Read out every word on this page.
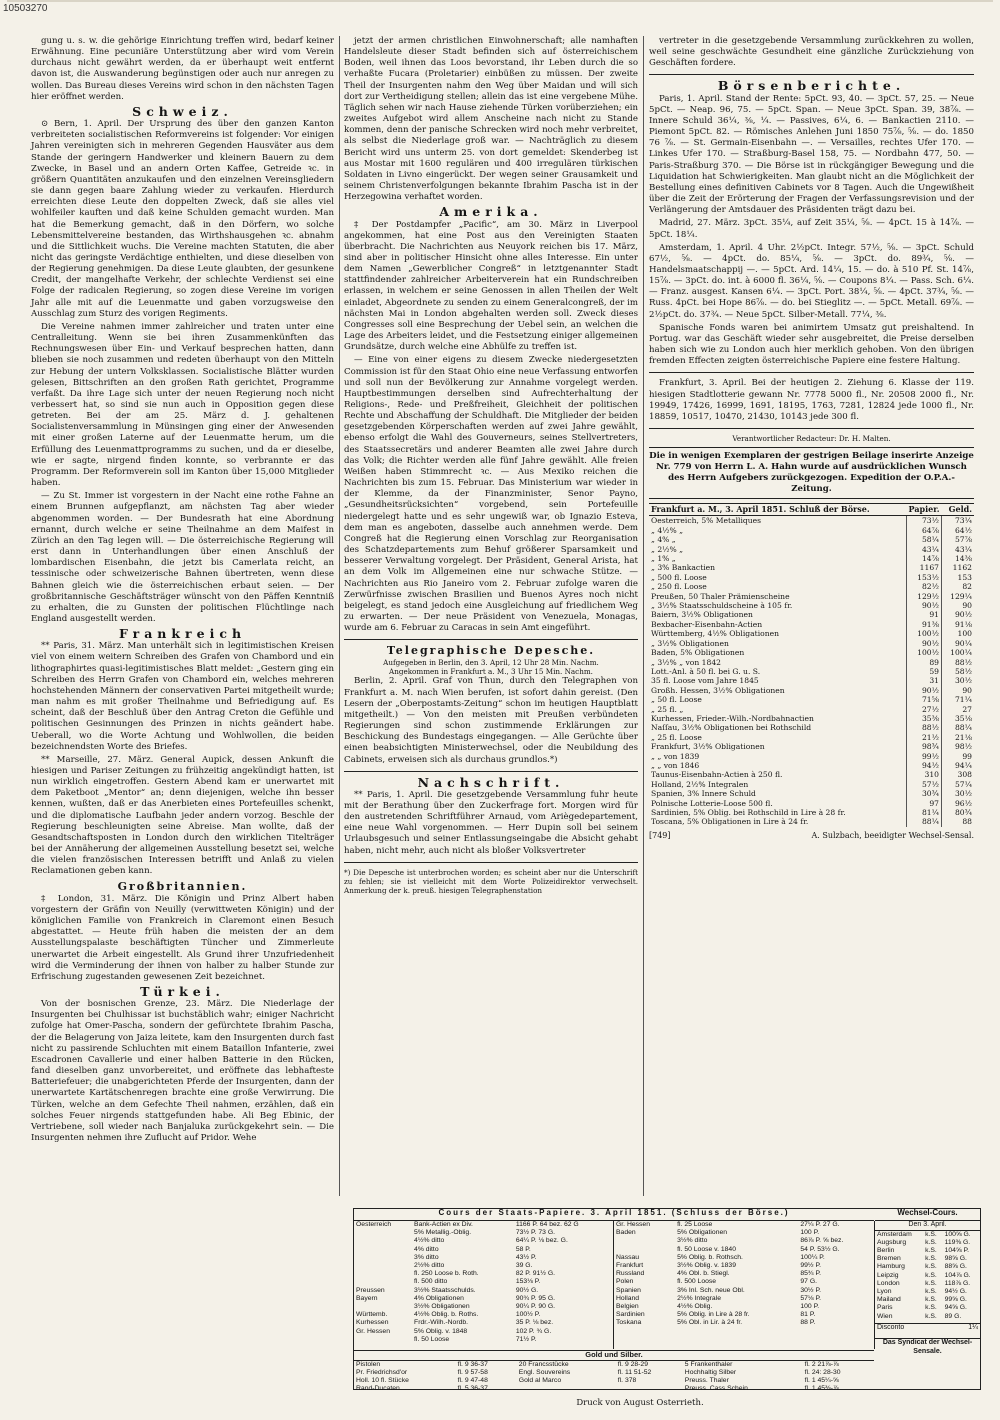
10503270

gung u. s. w. die gehörige Einrichtung treffen wird, bedarf keiner Erwähnung. Eine pecuniäre Unterstützung aber wird vom Verein durchaus nicht gewährt werden, da er überhaupt weit entfernt davon ist, die Auswanderung begünstigen oder auch nur anregen zu wollen. Das Bureau dieses Vereins wird schon in den nächsten Tagen hier eröffnet werden.

Schweiz.

⊙ Bern, 1. April. Der Ursprung des über den ganzen Kanton verbreiteten socialistischen Reformvereins ist folgender: Vor einigen Jahren vereinigten sich in mehreren Gegenden Hausväter aus dem Stande der geringern Handwerker und kleinern Bauern zu dem Zwecke, in Basel und an andern Orten Kaffee, Getreide ꝛc. in größern Quantitäten anzukaufen und den einzelnen Vereinsgliedern sie dann gegen baare Zahlung wieder zu verkaufen. Hierdurch erreichten diese Leute den doppelten Zweck, daß sie alles viel wohlfeiler kauften und daß keine Schulden gemacht wurden. Man hat die Bemerkung gemacht, daß in den Dörfern, wo solche Lebensmittelvereine bestanden, das Wirthshausgehen ꝛc. abnahm und die Sittlichkeit wuchs. Die Vereine machten Statuten, die aber nicht das geringste Verdächtige enthielten, und diese dieselben von der Regierung genehmigen. Da diese Leute glaubten, der gesunkene Credit, der mangelhafte Verkehr, der schlechte Verdienst sei eine Folge der radicalen Regierung, so zogen diese Vereine im vorigen Jahr alle mit auf die Leuenmatte und gaben vorzugsweise den Ausschlag zum Sturz des vorigen Regiments.

Die Vereine nahmen immer zahlreicher und traten unter eine Centralleitung. Wenn sie bei ihren Zusammenkünften das Rechnungswesen über Ein- und Verkauf besprechen hatten, dann blieben sie noch zusammen und redeten überhaupt von den Mitteln zur Hebung der untern Volksklassen. Socialistische Blätter wurden gelesen, Bittschriften an den großen Rath gerichtet, Programme verfaßt. Da ihre Lage sich unter der neuen Regierung noch nicht verbessert hat, so sind sie nun auch in Opposition gegen diese getreten. Bei der am 25. März d. J. gehaltenen Socialistenversammlung in Münsingen ging einer der Anwesenden mit einer großen Laterne auf der Leuenmatte herum, um die Erfüllung des Leuenmattprogramms zu suchen, und da er dieselbe, wie er sagte, nirgend finden konnte, so verbrannte er das Programm. Der Reformverein soll im Kanton über 15,000 Mitglieder haben.

— Zu St. Immer ist vorgestern in der Nacht eine rothe Fahne an einem Brunnen aufgepflanzt, am nächsten Tag aber wieder abgenommen worden. — Der Bundesrath hat eine Abordnung ernannt, durch welche er seine Theilnahme an dem Maifest in Zürich an den Tag legen will. — Die österreichische Regierung will erst dann in Unterhandlungen über einen Anschluß der lombardischen Eisenbahn, die jetzt bis Camerlata reicht, an tessinische oder schweizerische Bahnen übertreten, wenn diese Bahnen gleich wie die österreichischen erbaut seien. — Der großbritannische Geschäftsträger wünscht von den Päffen Kenntniß zu erhalten, die zu Gunsten der politischen Flüchtlinge nach England ausgestellt werden.

Frankreich

** Paris, 31. März. Man unterhält sich in legitimistischen Kreisen viel von einem weitern Schreiben des Grafen von Chambord und ein lithographirtes quasi-legitimistisches Blatt meldet: „Gestern ging ein Schreiben des Herrn Grafen von Chambord ein, welches mehreren hochstehenden Männern der conservativen Partei mitgetheilt wurde; man nahm es mit großer Theilnahme und Befriedigung auf. Es scheint, daß der Beschluß über den Antrag Creton die Gefühle und politischen Gesinnungen des Prinzen in nichts geändert habe. Ueberall, wo die Worte Achtung und Wohlwollen, die beiden bezeichnendsten Worte des Briefes.

** Marseille, 27. März. General Aupick, dessen Ankunft die hiesigen und Pariser Zeitungen zu frühzeitig angekündigt hatten, ist nun wirklich eingetroffen. Gestern Abend kam er unerwartet mit dem Paketboot „Mentor“ an; denn diejenigen, welche ihn besser kennen, wußten, daß er das Anerbieten eines Portefeuilles schenkt, und die diplomatische Laufbahn jeder andern vorzog. Beschle der Regierung beschleunigten seine Abreise. Man wollte, daß der Gesandtschaftsposten in London durch den wirklichen Titelträger bei der Annäherung der allgemeinen Ausstellung besetzt sei, welche die vielen französischen Interessen betrifft und Anlaß zu vielen Reclamationen geben kann.

Großbritannien.

‡ London, 31. März. Die Königin und Prinz Albert haben vorgestern der Gräfin von Neuilly (verwittweten Königin) und der königlichen Familie von Frankreich in Claremont einen Besuch abgestattet. — Heute früh haben die meisten der an dem Ausstellungspalaste beschäftigten Tüncher und Zimmerleute unerwartet die Arbeit eingestellt. Als Grund ihrer Unzufriedenheit wird die Verminderung der ihnen von halber zu halber Stunde zur Erfrischung zugestanden gewesenen Zeit bezeichnet.

Türkei.

Von der bosnischen Grenze, 23. März. Die Niederlage der Insurgenten bei Chulhissar ist buchstäblich wahr; einiger Nachricht zufolge hat Omer-Pascha, sondern der gefürchtete Ibrahim Pascha, der die Belagerung von Jaiza leitete, kam den Insurgenten durch fast nicht zu passirende Schluchten mit einem Bataillon Infanterie, zwei Escadronen Cavallerie und einer halben Batterie in den Rücken, fand dieselben ganz unvorbereitet, und eröffnete das lebhafteste Batteriefeuer; die unabgerichteten Pferde der Insurgenten, dann der unerwartete Kartätschenregen brachte eine große Verwirrung. Die Türken, welche an dem Gefechte Theil nahmen, erzählen, daß ein solches Feuer nirgends stattgefunden habe. Ali Beg Ebinic, der Vertriebene, soll wieder nach Banjaluka zurückgekehrt sein. — Die Insurgenten nehmen ihre Zuflucht auf Pridor. Wehe

jetzt der armen christlichen Einwohnerschaft; alle namhaften Handelsleute dieser Stadt befinden sich auf österreichischem Boden, weil ihnen das Loos bevorstand, ihr Leben durch die so verhaßte Fucara (Proletarier) einbüßen zu müssen. Der zweite Theil der Insurgenten nahm den Weg über Maidan und will sich dort zur Vertheidigung stellen; allein das ist eine vergebene Mühe. Täglich sehen wir nach Hause ziehende Türken vorüberziehen; ein zweites Aufgebot wird allem Anscheine nach nicht zu Stande kommen, denn der panische Schrecken wird noch mehr verbreitet, als selbst die Niederlage groß war. — Nachträglich zu diesem Bericht wird uns unterm 25. von dort gemeldet: Skenderbeg ist aus Mostar mit 1600 regulären und 400 irregulären türkischen Soldaten in Livno eingerückt. Der wegen seiner Grausamkeit und seinem Christenverfolgungen bekannte Ibrahim Pascha ist in der Herzegowina verhaftet worden.

Amerika.

‡ Der Postdampfer „Pacific“, am 30. März in Liverpool angekommen, hat eine Post aus den Vereinigten Staaten überbracht. Die Nachrichten aus Neuyork reichen bis 17. März, sind aber in politischer Hinsicht ohne alles Interesse. Ein unter dem Namen „Gewerblicher Congreß“ in letztgenannter Stadt stattfindender zahlreicher Arbeiterverein hat ein Rundschreiben erlassen, in welchem er seine Genossen in allen Theilen der Welt einladet, Abgeordnete zu senden zu einem Generalcongreß, der im nächsten Mai in London abgehalten werden soll. Zweck dieses Congresses soll eine Besprechung der Uebel sein, an welchen die Lage des Arbeiters leidet, und die Festsetzung einiger allgemeinen Grundsätze, durch welche eine Abhülfe zu treffen ist.

— Eine von einer eigens zu diesem Zwecke niedergesetzten Commission ist für den Staat Ohio eine neue Verfassung entworfen und soll nun der Bevölkerung zur Annahme vorgelegt werden. Hauptbestimmungen derselben sind Aufrechterhaltung der Religions-, Rede- und Preßfreiheit, Gleichheit der politischen Rechte und Abschaffung der Schuldhaft. Die Mitglieder der beiden gesetzgebenden Körperschaften werden auf zwei Jahre gewählt, ebenso erfolgt die Wahl des Gouverneurs, seines Stellvertreters, des Staatssecretärs und anderer Beamten alle zwei Jahre durch das Volk; die Richter werden alle fünf Jahre gewählt. Alle freien Weißen haben Stimmrecht ꝛc. — Aus Mexiko reichen die Nachrichten bis zum 15. Februar. Das Ministerium war wieder in der Klemme, da der Finanzminister, Senor Payno, „Gesundheitsrücksichten“ vorgebend, sein Portefeuille niedergelegt hatte und es sehr ungewiß war, ob Ignazio Esteva, dem man es angeboten, dasselbe auch annehmen werde. Dem Congreß hat die Regierung einen Vorschlag zur Reorganisation des Schatzdepartements zum Behuf größerer Sparsamkeit und besserer Verwaltung vorgelegt. Der Präsident, General Arista, hat an dem Volk im Allgemeinen eine nur schwache Stütze. — Nachrichten aus Rio Janeiro vom 2. Februar zufolge waren die Zerwürfnisse zwischen Brasilien und Buenos Ayres noch nicht beigelegt, es stand jedoch eine Ausgleichung auf friedlichem Weg zu erwarten. — Der neue Präsident von Venezuela, Monagas, wurde am 6. Februar zu Caracas in sein Amt eingeführt.

Telegraphische Depesche.
Aufgegeben in Berlin, den 3. April, 12 Uhr 28 Min. Nachm.
Angekommen in Frankfurt a. M., 3 Uhr 15 Min. Nachm.

Berlin, 2. April. Graf von Thun, durch den Telegraphen von Frankfurt a. M. nach Wien berufen, ist sofort dahin gereist. (Den Lesern der „Oberpostamts-Zeitung“ schon im heutigen Hauptblatt mitgetheilt.) — Von den meisten mit Preußen verbündeten Regierungen sind schon zustimmende Erklärungen zur Beschickung des Bundestags eingegangen. — Alle Gerüchte über einen beabsichtigten Ministerwechsel, oder die Neubildung des Cabinets, erweisen sich als durchaus grundlos.*)

Nachschrift.

** Paris, 1. April. Die gesetzgebende Versammlung fuhr heute mit der Berathung über den Zuckerfrage fort. Morgen wird für den austretenden Schriftführer Arnaud, vom Ariègedepartement, eine neue Wahl vorgenommen. — Herr Dupin soll bei seinem Urlaubsgesuch und seiner Entlassungseingabe die Absicht gehabt haben, nicht mehr, auch nicht als bloßer Volksvertreter

*) Die Depesche ist unterbrochen worden; es scheint aber nur die Unterschrift zu fehlen; sie ist vielleicht mit dem Worte Polizeidirektor verwechselt. Anmerkung der k. preuß. hiesigen Telegraphenstation

vertreter in die gesetzgebende Versammlung zurückkehren zu wollen, weil seine geschwächte Gesundheit eine gänzliche Zurückziehung von Geschäften fordere.

Börsenberichte.

Paris, 1. April. Stand der Rente: 5pCt. 93, 40. — 3pCt. 57, 25. — Neue 5pCt. — Neap. 96, 75. — 5pCt. Span. — Neue 3pCt. Span. 39, 38⅞. — Innere Schuld 36¼, ⅜, ¼. — Passives, 6¼, 6. — Bankactien 2110. — Piemont 5pCt. 82. — Römisches Anlehen Juni 1850 75⅞, ⅝. — do. 1850 76 ⅞. — St. Germain-Eisenbahn —. — Versailles, rechtes Ufer 170. — Linkes Ufer 170. — Straßburg-Basel 158, 75. — Nordbahn 477, 50. — Paris-Straßburg 370. — Die Börse ist in rückgängiger Bewegung und die Liquidation hat Schwierigkeiten. Man glaubt nicht an die Möglichkeit der Bestellung eines definitiven Cabinets vor 8 Tagen. Auch die Ungewißheit über die Zeit der Erörterung der Fragen der Verfassungsrevision und der Verlängerung der Amtsdauer des Präsidenten trägt dazu bei.

Madrid, 27. März. 3pCt. 35¼, auf Zeit 35¼, ⅝. — 4pCt. 15 à 14⅞. — 5pCt. 18¼.

Amsterdam, 1. April. 4 Uhr. 2½pCt. Integr. 57½, ⅝. — 3pCt. Schuld 67½, ⅝. — 4pCt. do. 85¼, ⅝. — 3pCt. do. 89¾, ⅝. — Handelsmaatschappij —. — 5pCt. Ard. 14¼, 15. — do. à 510 Pf. St. 14⅞, 15⅞. — 3pCt. do. int. à 6000 fl. 36¼, ⅝. — Coupons 8¼. — Pass. Sch. 6¼. — Franz. ausgest. Kansen 6¼. — 3pCt. Port. 38¼, ⅝. — 4pCt. 37¾, ⅝. — Russ. 4pCt. bei Hope 86⅞. — do. bei Stieglitz —. — 5pCt. Metall. 69⅞. — 2½pCt. do. 37¾. — Neue 5pCt. Silber-Metall. 77¼, ⅜.

Spanische Fonds waren bei animirtem Umsatz gut preishaltend. In Portug. war das Geschäft wieder sehr ausgebreitet, die Preise derselben haben sich wie zu London auch hier merklich gehoben. Von den übrigen fremden Effecten zeigten österreichische Papiere eine festere Haltung.

Frankfurt, 3. April. Bei der heutigen 2. Ziehung 6. Klasse der 119. hiesigen Stadtlotterie gewann Nr. 7778 5000 fl., Nr. 20508 2000 fl., Nr. 19949, 17426, 16999, 1691, 18195, 1763, 7281, 12824 jede 1000 fl., Nr. 18859, 10517, 10470, 21430, 10143 jede 300 fl.

Verantwortlicher Redacteur: Dr. H. Malten.
Die in wenigen Exemplaren der gestrigen Beilage inserirte Anzeige Nr. 779 von Herrn L. A. Hahn wurde auf ausdrücklichen Wunsch des Herrn Aufgebers zurückgezogen. Expedition der O.P.A.-Zeitung.
Frankfurt a. M., 3. April 1851. Schluß der Börse.	Papier.	Geld.
Oesterreich, 5% Metalliques	73½	73¼
„ 4½% „	64⅞	64½
„ 4% „	58¼	57⅞
„ 2½% „	43¼	43¼
„ 1% „	14⅞	14⅜
„ 3% Bankactien	1167	1162
„ 500 fl. Loose	153½	153
„ 250 fl. Loose	82½	82
Preußen, 50 Thaler Prämienscheine	129½	129¼
„ 3½% Staatsschuldscheine à 105 fr.	90½	90
Baiern, 3½% Obligationen	91	90½
Bexbacher-Eisenbahn-Actien	91⅜	91⅛
Württemberg, 4½% Obligationen	100½	100
„ 3½% Obligationen	90½	90¼
Baden, 5% Obligationen	100½	100¼
„ 3½% „ von 1842	89	88½
Lott.-Anl. à 50 fl. bei G. u. S.	59	58½
35 fl. Loose vom Jahre 1845	31	30½
Großh. Hessen, 3½% Obligationen	90½	90
„ 50 fl. Loose	71⅝	71¼
„ 25 fl. „	27½	27
Kurhessen, Frieder.-Wilh.-Nordbahnactien	35⅜	35⅛
Naſſau, 3½% Obligationen bei Rothschild	88½	88¼
„ 25 fl. Loose	21½	21⅛
Frankfurt, 3½% Obligationen	98¾	98½
„ „ von 1839	99½	99
„ „ von 1846	94½	94¼
Taunus-Eisenbahn-Actien à 250 fl.	310	308
Holland, 2½% Integralen	57½	57¼
Spanien, 3% Innere Schuld	30¾	30½
Polnische Lotterie-Loose 500 fl.	97	96½
Sardinien, 5% Oblig. bei Rothschild in Lire à 28 fr.	81¼	80¾
Toscana, 5% Obligationen in Lire à 24 fr.	88¼	88
[749]	A. Sulzbach, beeidigter Wechsel-Sensal.
Cours der Staats-Papiere. 3. April 1851. (Schluss der Börse.)
Oesterreich	Bank-Actien ex Div.	1166 P. 64 bez. 62 G
	5% Metallig.-Oblig.	73½ P. 73 G.
	4½% ditto	64¼ P. ⅛ bez. G.
	4% ditto	58 P.
	3% ditto	43½ P.
	2½% ditto	39 G.
	fl. 250 Loose b. Roth.	82 P. 91½ G.
	fl. 500 ditto	153⅛ P.
Preussen	3½% Staatsschulds.	90½ G.
Bayern	4% Obligationen	90¾ P. 95 G.
	3½% Obligationen	90¼ P. 90 G.
Württemb.	4½% Oblig. b. Roths.	100½ P.
Kurhessen	Frdr.-Wilh.-Nordb.	35 P. ⅛ bez.
Gr. Hessen	5% Oblig. v. 1848	102 P. ¾ G.
	fl. 50 Loose	71½ P.
Gr. Hessen	fl. 25 Loose	27¼ P. 27 G.
Baden	5% Obligationen	100 P.
	3½% ditto	86⅞ P. ⅝ bez.
	fl. 50 Loose v. 1840	54 P. 53½ G.
Nassau	5% Oblig. b. Rothsch.	100¼ P.
Frankfurt	3½% Oblig. v. 1839	99½ P.
Russland	4% Obl. b. Stiegl.	85¾ P.
Polen	fl. 500 Loose	97 G.
Spanien	3% Inl. Sch. neue Obl.	30½ P.
Holland	2½% Integrale	57⅛ P.
Belgien	4½% Oblig.	100 P.
Sardinien	5% Oblig. in Lire à 28 fr.	81 P.
Toskana	5% Obl. in Lir. à 24 fr.	88 P.
Gold und Silber.
Pistolen	fl. 9 36-37	20 Francsstücke	fl. 9 28-29	5 Frankenthaler	fl. 2 21⅞-⅞
Pr. Friedrichsd'or	fl. 9 57-58	Engl. Souvereins	fl. 11 51-52	Hochhaltig Silber	fl. 24: 28-30
Holl. 10 fl. Stücke	fl. 9 47-48	Gold al Marco	fl. 378	Preuss. Thaler	fl. 1 45¼-⅝
Rand-Ducaten	fl. 5 36-37			Preuss. Cass.Schein	fl. 1 45⅜-⅞
Wechsel-Cours.
Den 3. April.
Amsterdam	k.S.	100⅝ G.
Augsburg	k.S.	119⅜ G.
Berlin	k.S.	104⅝ P.
Bremen	k.S.	98⅝ G.
Hamburg	k.S.	88⅝ G.
Leipzig	k.S.	104⅞ G.
London	k.S.	118⅞ G.
Lyon	k.S.	94½ G.
Mailand	k.S.	99⅝ G.
Paris	k.S.	94⅝ G.
Wien	k.S.	89 G.
Disconto	1¼
Das Syndicat der Wechsel-Sensale.
Druck von August Osterrieth.
